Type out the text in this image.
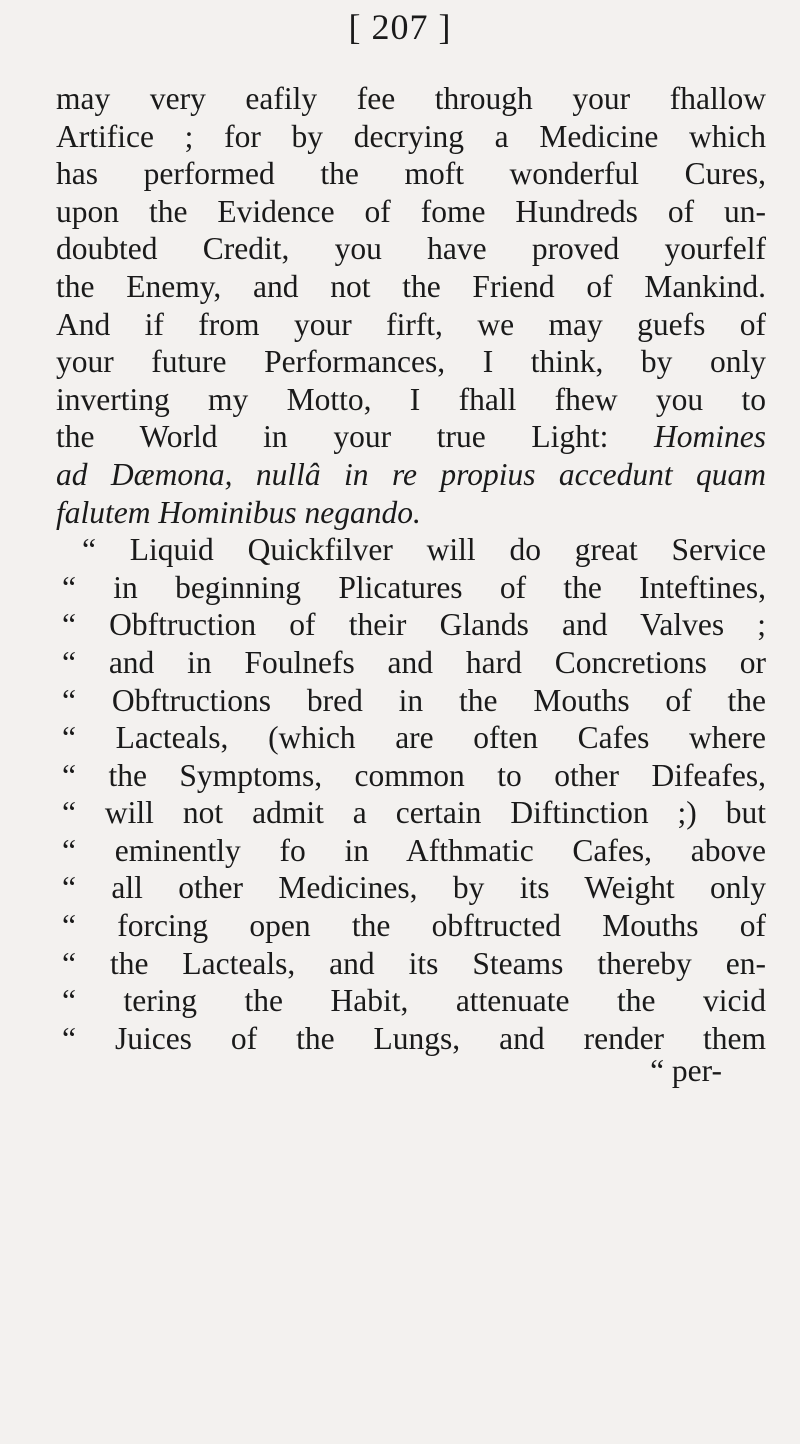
[ 207 ]
may very eafily fee through your fhallow
Artifice ; for by decrying a Medicine which
has performed the moft wonderful Cures,
upon the Evidence of fome Hundreds of un-
doubted Credit, you have proved yourfelf
the Enemy, and not the Friend of Mankind.
And if from your firft, we may guefs of
your future Performances, I think, by only
inverting my Motto, I fhall fhew you to
the World in your true Light: Homines
ad Dæmona, nullâ in re propius accedunt quam
falutem Hominibus negando.
“ Liquid Quickfilver will do great Service
“ in beginning Plicatures of the Inteftines,
“ Obftruction of their Glands and Valves ;
“ and in Foulnefs and hard Concretions or
“ Obftructions bred in the Mouths of the
“ Lacteals, (which are often Cafes where
“ the Symptoms, common to other Difeafes,
“ will not admit a certain Diftinction ;) but
“ eminently fo in Afthmatic Cafes, above
“ all other Medicines, by its Weight only
“ forcing open the obftructed Mouths of
“ the Lacteals, and its Steams thereby en-
“ tering the Habit, attenuate the vicid
“ Juices of the Lungs, and render them
“ per-
